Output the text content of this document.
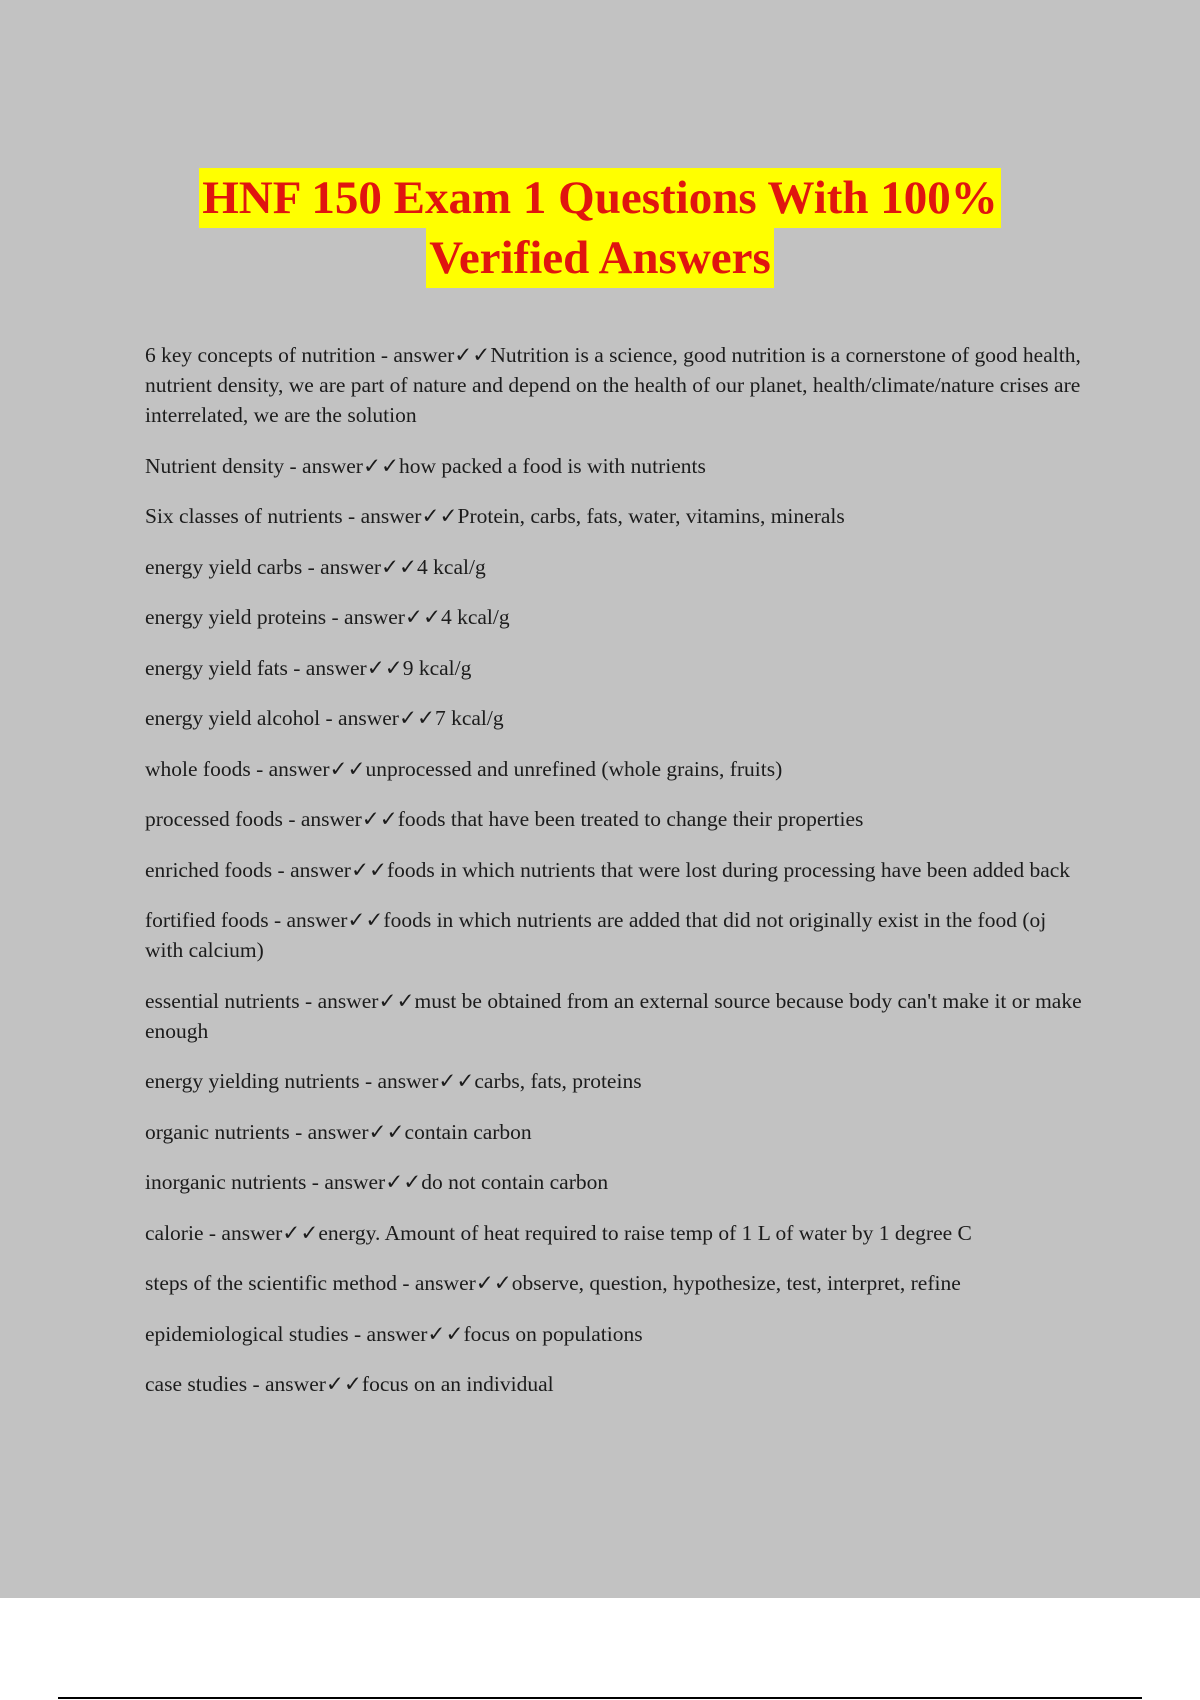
HNF 150 Exam 1 Questions With 100%
Verified Answers
6 key concepts of nutrition - answer✓✓Nutrition is a science, good nutrition is a cornerstone of good health, nutrient density, we are part of nature and depend on the health of our planet, health/climate/nature crises are interrelated, we are the solution
Nutrient density - answer✓✓how packed a food is with nutrients
Six classes of nutrients - answer✓✓Protein, carbs, fats, water, vitamins, minerals
energy yield carbs - answer✓✓4 kcal/g
energy yield proteins - answer✓✓4 kcal/g
energy yield fats - answer✓✓9 kcal/g
energy yield alcohol - answer✓✓7 kcal/g
whole foods - answer✓✓unprocessed and unrefined (whole grains, fruits)
processed foods - answer✓✓foods that have been treated to change their properties
enriched foods - answer✓✓foods in which nutrients that were lost during processing have been added back
fortified foods - answer✓✓foods in which nutrients are added that did not originally exist in the food (oj with calcium)
essential nutrients - answer✓✓must be obtained from an external source because body can't make it or make enough
energy yielding nutrients - answer✓✓carbs, fats, proteins
organic nutrients - answer✓✓contain carbon
inorganic nutrients - answer✓✓do not contain carbon
calorie - answer✓✓energy. Amount of heat required to raise temp of 1 L of water by 1 degree C
steps of the scientific method - answer✓✓observe, question, hypothesize, test, interpret, refine
epidemiological studies - answer✓✓focus on populations
case studies - answer✓✓focus on an individual
